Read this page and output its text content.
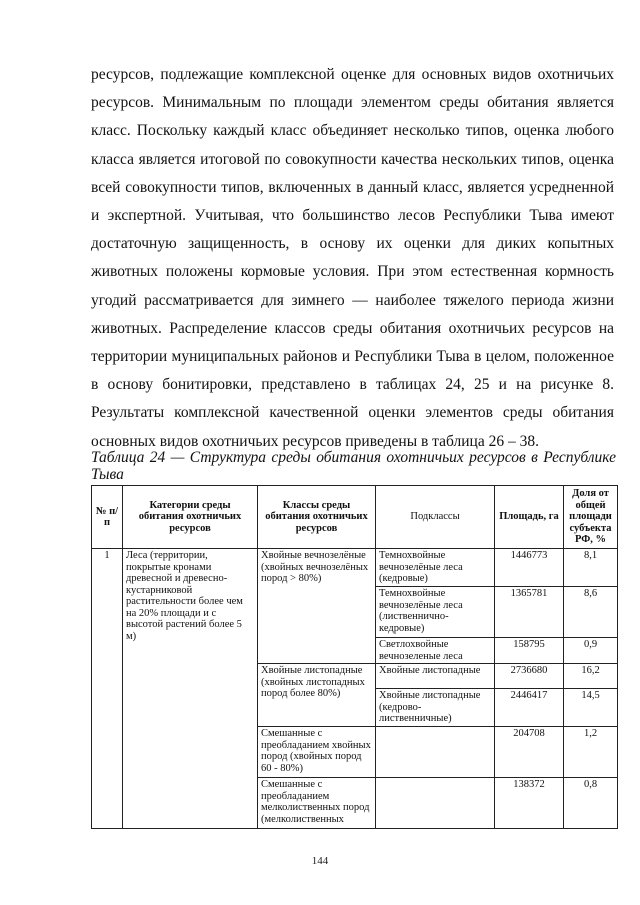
ресурсов, подлежащие комплексной оценке для основных видов охотничьих ресурсов. Минимальным по площади элементом среды обитания является класс. Поскольку каждый класс объединяет несколько типов, оценка любого класса является итоговой по совокупности качества нескольких типов, оценка всей совокупности типов, включенных в данный класс, является усредненной и экспертной. Учитывая, что большинство лесов Республики Тыва имеют достаточную защищенность, в основу их оценки для диких копытных животных положены кормовые условия. При этом естественная кормность угодий рассматривается для зимнего — наиболее тяжелого периода жизни животных. Распределение классов среды обитания охотничьих ресурсов на территории муниципальных районов и Республики Тыва в целом, положенное в основу бонитировки, представлено в таблицах 24, 25 и на рисунке 8. Результаты комплексной качественной оценки элементов среды обитания основных видов охотничьих ресурсов приведены в таблица 26 – 38.

Таблица 24 — Структура среды обитания охотничьих ресурсов в Республике Тыва

№ п/п	Категории среды обитания охотничьих ресурсов	Классы среды обитания охотничьих ресурсов	Подклассы	Площадь, га	Доля от общей площади субъекта РФ, %
1	Леса (территории, покрытые кронами древесной и древесно-кустарниковой растительности более чем на 20% площади и с высотой растений более 5 м)	Хвойные вечнозелёные (хвойных вечнозелёных пород > 80%)	Темнохвойные вечнозелёные леса (кедровые)	1446773	8,1
			Темнохвойные вечнозелёные леса (лиственнично-кедровые)	1365781	8,6
			Светлохвойные вечнозеленые леса	158795	0,9
		Хвойные листопадные (хвойных листопадных пород более 80%)	Хвойные листопадные	2736680	16,2
			Хвойные листопадные (кедрово-лиственничные)	2446417	14,5
		Смешанные с преобладанием хвойных пород (хвойных пород 60 - 80%)		204708	1,2
		Смешанные с преобладанием мелколиственных пород (мелколиственных		138372	0,8
144
